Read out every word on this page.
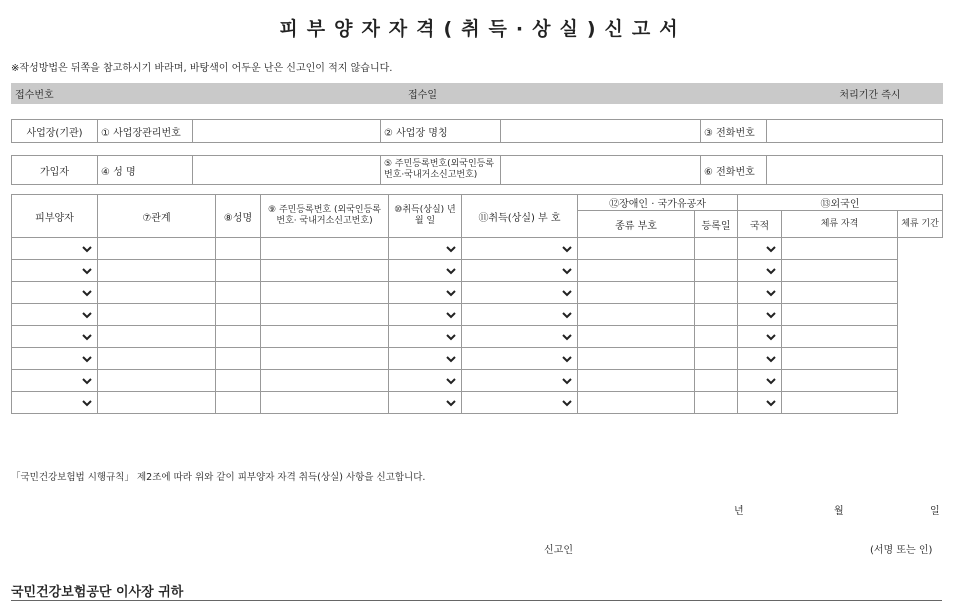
피부양자자격(취득·상실)신고서
※작성방법은 뒤쪽을 참고하시기 바라며, 바탕색이 어두운 난은 신고인이 적지 않습니다.
접수번호	접수일	처리기간 즉시
사업장(기관)	① 사업장관리번호		② 사업장 명칭		③ 전화번호	
가입자	④ 성 명		⑤ 주민등록번호(외국인등록번호·국내거소신고번호)		⑥ 전화번호	
피부양자	⑦관계	⑧성명	⑨ 주민등록번호 (외국인등록번호· 국내거소신고번호)	⑩취득(상실) 년 월 일	⑪취득(상실) 부 호	⑫장애인 · 국가유공자		⑬외국인		
						종류 부호	등록일	국적	체류 자격	체류 기간

「국민건강보험법 시행규칙」 제2조에 따라 위와 같이 피부양자 자격 취득(상실) 사항을 신고합니다.
년	월	일
신고인	(서명 또는 인)
국민건강보험공단 이사장 귀하
